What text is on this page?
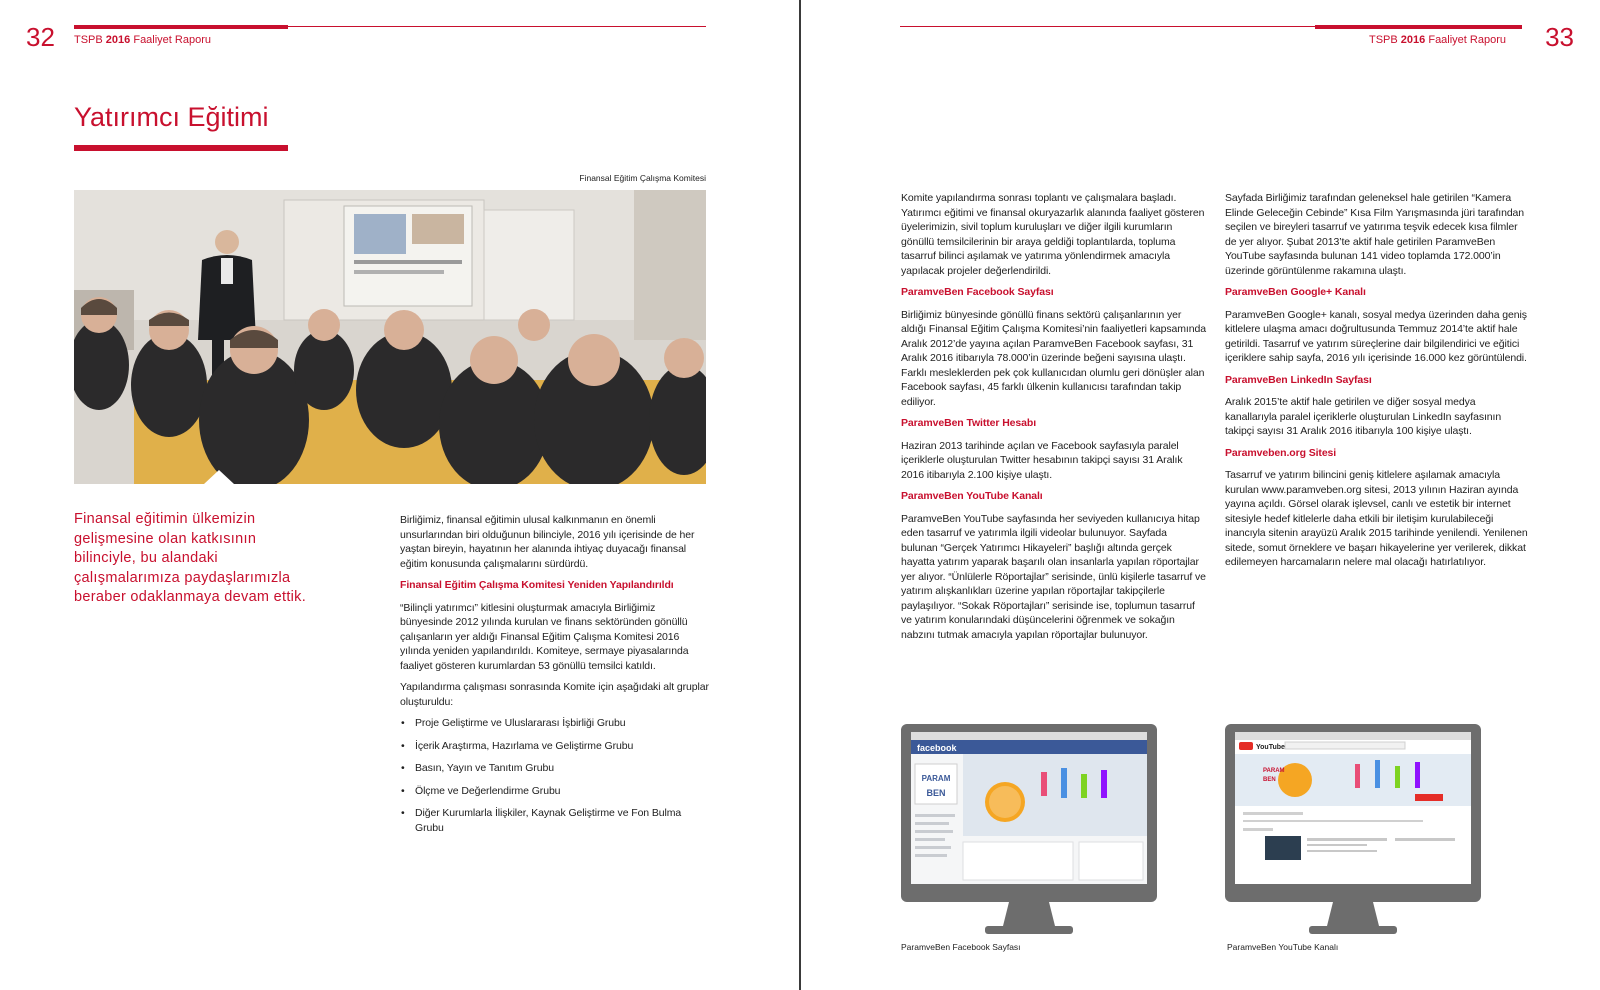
32 TSPB 2016 Faaliyet Raporu
Yatırımcı Eğitimi
Finansal Eğitim Çalışma Komitesi

Finansal eğitimin ülkemizin gelişmesine olan katkısının bilinciyle, bu alandaki çalışmalarımıza paydaşlarımızla beraber odaklanmaya devam ettik.

Birliğimiz, finansal eğitimin ulusal kalkınmanın en önemli unsurlarından biri olduğunun bilinciyle, 2016 yılı içerisinde de her yaştan bireyin, hayatının her alanında ihtiyaç duyacağı finansal eğitim konusunda çalışmalarını sürdürdü.

Finansal Eğitim Çalışma Komitesi Yeniden Yapılandırıldı

“Bilinçli yatırımcı” kitlesini oluşturmak amacıyla Birliğimiz bünyesinde 2012 yılında kurulan ve finans sektöründen gönüllü çalışanların yer aldığı Finansal Eğitim Çalışma Komitesi 2016 yılında yeniden yapılandırıldı. Komiteye, sermaye piyasalarında faaliyet gösteren kurumlardan 53 gönüllü temsilci katıldı.

Yapılandırma çalışması sonrasında Komite için aşağıdaki alt gruplar oluşturuldu:

• Proje Geliştirme ve Uluslararası İşbirliği Grubu
• İçerik Araştırma, Hazırlama ve Geliştirme Grubu
• Basın, Yayın ve Tanıtım Grubu
• Ölçme ve Değerlendirme Grubu
• Diğer Kurumlarla İlişkiler, Kaynak Geliştirme ve Fon Bulma Grubu
33
TSPB 2016 Faaliyet Raporu

Komite yapılandırma sonrası toplantı ve çalışmalara başladı. Yatırımcı eğitimi ve finansal okuryazarlık alanında faaliyet gösteren üyelerimizin, sivil toplum kuruluşları ve diğer ilgili kurumların gönüllü temsilcilerinin bir araya geldiği toplantılarda, topluma tasarruf bilinci aşılamak ve yatırıma yönlendirmek amacıyla yapılacak projeler değerlendirildi.

ParamveBen Facebook Sayfası

Birliğimiz bünyesinde gönüllü finans sektörü çalışanlarının yer aldığı Finansal Eğitim Çalışma Komitesi’nin faaliyetleri kapsamında Aralık 2012’de yayına açılan ParamveBen Facebook sayfası, 31 Aralık 2016 itibarıyla 78.000’in üzerinde beğeni sayısına ulaştı. Farklı mesleklerden pek çok kullanıcıdan olumlu geri dönüşler alan Facebook sayfası, 45 farklı ülkenin kullanıcısı tarafından takip ediliyor.

ParamveBen Twitter Hesabı

Haziran 2013 tarihinde açılan ve Facebook sayfasıyla paralel içeriklerle oluşturulan Twitter hesabının takipçi sayısı 31 Aralık 2016 itibarıyla 2.100 kişiye ulaştı.

ParamveBen YouTube Kanalı

ParamveBen YouTube sayfasında her seviyeden kullanıcıya hitap eden tasarruf ve yatırımla ilgili videolar bulunuyor. Sayfada bulunan “Gerçek Yatırımcı Hikayeleri” başlığı altında gerçek hayatta yatırım yaparak başarılı olan insanlarla yapılan röportajlar yer alıyor. “Ünlülerle Röportajlar” serisinde, ünlü kişilerle tasarruf ve yatırım alışkanlıkları üzerine yapılan röportajlar takipçilerle paylaşılıyor. “Sokak Röportajları” serisinde ise, toplumun tasarruf ve yatırım konularındaki düşüncelerini öğrenmek ve sokağın nabzını tutmak amacıyla yapılan röportajlar bulunuyor.

Sayfada Birliğimiz tarafından geleneksel hale getirilen “Kamera Elinde Geleceğin Cebinde” Kısa Film Yarışmasında jüri tarafından seçilen ve bireyleri tasarruf ve yatırıma teşvik edecek kısa filmler de yer alıyor. Şubat 2013’te aktif hale getirilen ParamveBen YouTube sayfasında bulunan 141 video toplamda 172.000’in üzerinde görüntülenme rakamına ulaştı.

ParamveBen Google+ Kanalı

ParamveBen Google+ kanalı, sosyal medya üzerinden daha geniş kitlelere ulaşma amacı doğrultusunda Temmuz 2014’te aktif hale getirildi. Tasarruf ve yatırım süreçlerine dair bilgilendirici ve eğitici içeriklere sahip sayfa, 2016 yılı içerisinde 16.000 kez görüntülendi.

ParamveBen LinkedIn Sayfası

Aralık 2015’te aktif hale getirilen ve diğer sosyal medya kanallarıyla paralel içeriklerle oluşturulan LinkedIn sayfasının takipçi sayısı 31 Aralık 2016 itibarıyla 100 kişiye ulaştı.

Paramveben.org Sitesi

Tasarruf ve yatırım bilincini geniş kitlelere aşılamak amacıyla kurulan www.paramveben.org sitesi, 2013 yılının Haziran ayında yayına açıldı. Görsel olarak işlevsel, canlı ve estetik bir internet sitesiyle hedef kitlelerle daha etkili bir iletişim kurulabileceği inancıyla sitenin arayüzü Aralık 2015 tarihinde yenilendi. Yenilenen sitede, somut örneklere ve başarı hikayelerine yer verilerek, dikkat edilemeyen harcamaların nelere mal olacağı hatırlatılıyor.

facebook
PARAM
BEN
ParamveBen Facebook Sayfası
YouTube
PARAM
BEN
ParamveBen YouTube Kanalı
